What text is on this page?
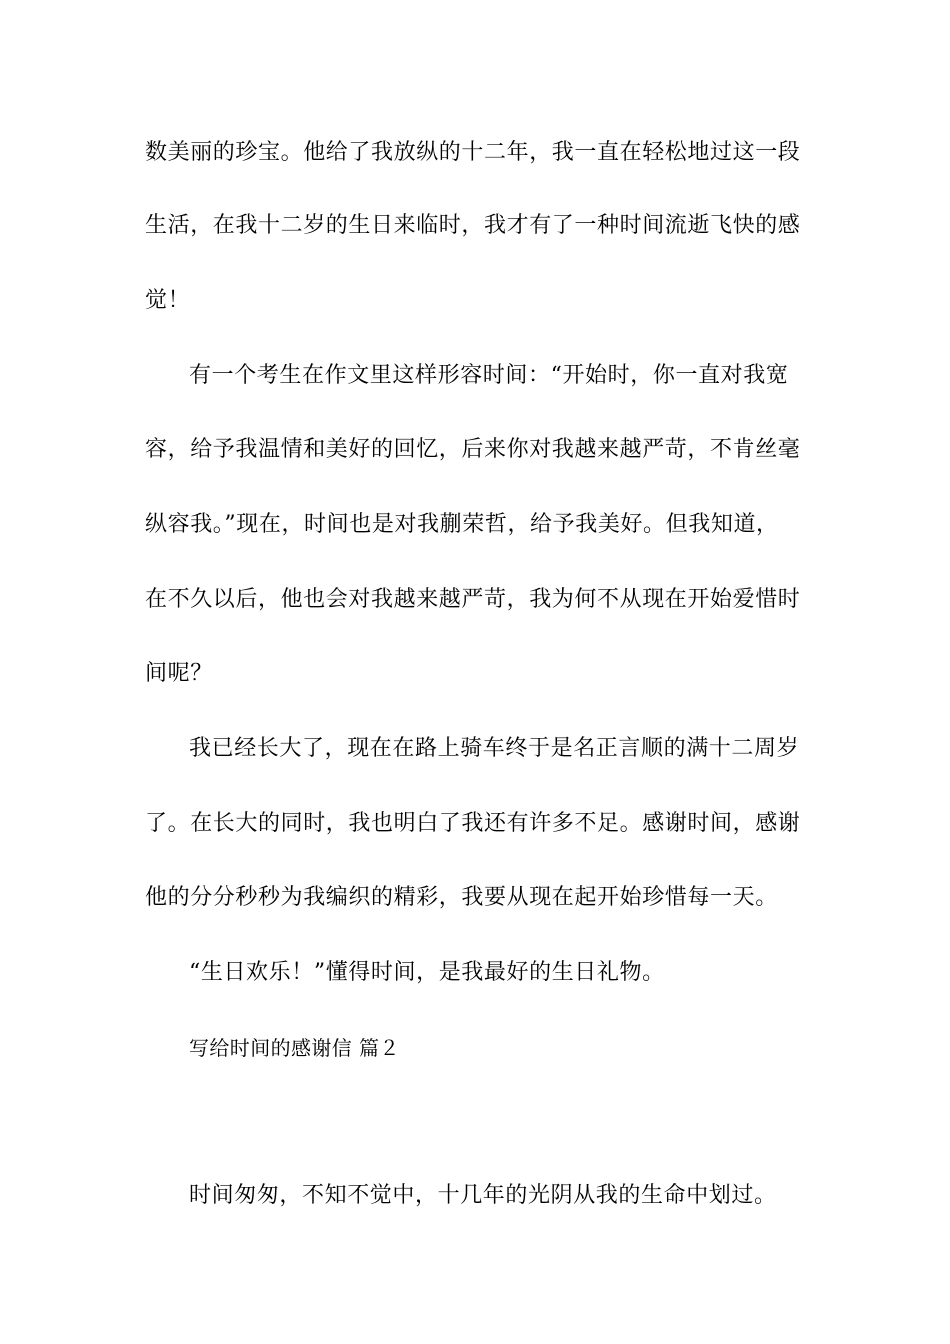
数美丽的珍宝。他给了我放纵的十二年，我一直在轻松地过这一段
生活，在我十二岁的生日来临时，我才有了一种时间流逝飞快的感
觉！
有一个考生在作文里这样形容时间：“开始时，你一直对我宽
容，给予我温情和美好的回忆，后来你对我越来越严苛，不肯丝毫
纵容我。”现在，时间也是对我蒯荣哲，给予我美好。但我知道，
在不久以后，他也会对我越来越严苛，我为何不从现在开始爱惜时
间呢？
我已经长大了，现在在路上骑车终于是名正言顺的满十二周岁
了。在长大的同时，我也明白了我还有许多不足。感谢时间，感谢
他的分分秒秒为我编织的精彩，我要从现在起开始珍惜每一天。
“生日欢乐！”懂得时间，是我最好的生日礼物。
写给时间的感谢信 篇２
时间匆匆，不知不觉中，十几年的光阴从我的生命中划过。
